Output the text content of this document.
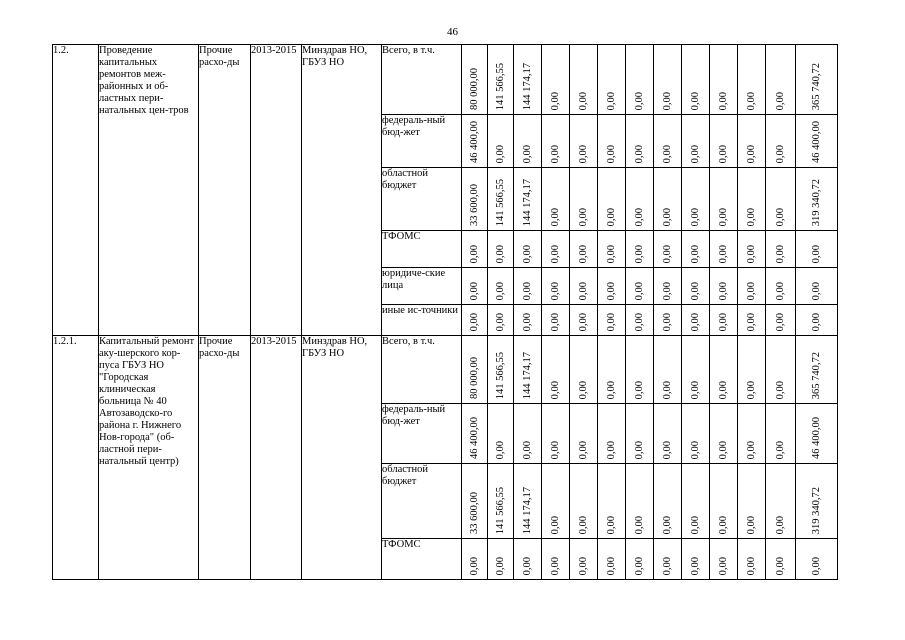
46
1.2.	Проведение капитальных ремонтов меж-районных и об-ластных пери-натальных цен-тров	Прочие расхо-ды	2013-2015	Минздрав НО, ГБУЗ НО	Всего, в т.ч.	80 000,00	141 566,55	144 174,17	0,00	0,00	0,00	0,00	0,00	0,00	0,00	0,00	0,00	365 740,72

					федераль-ный бюд-жет	46 400,00	0,00	0,00	0,00	0,00	0,00	0,00	0,00	0,00	0,00	0,00	0,00	46 400,00

					областной бюджет	33 600,00	141 566,55	144 174,17	0,00	0,00	0,00	0,00	0,00	0,00	0,00	0,00	0,00	319 340,72

					ТФОМС	0,00	0,00	0,00	0,00	0,00	0,00	0,00	0,00	0,00	0,00	0,00	0,00	0,00

					юридиче-ские лица	0,00	0,00	0,00	0,00	0,00	0,00	0,00	0,00	0,00	0,00	0,00	0,00	0,00

					иные ис-точники	0,00	0,00	0,00	0,00	0,00	0,00	0,00	0,00	0,00	0,00	0,00	0,00	0,00

1.2.1.	Капитальный ремонт аку-шерского кор-пуса ГБУЗ НО "Городская клиническая больница № 40 Автозаводско-го района г. Нижнего Нов-города" (об-ластной пери-натальный центр)	Прочие расхо-ды	2013-2015	Минздрав НО, ГБУЗ НО	Всего, в т.ч.	80 000,00	141 566,55	144 174,17	0,00	0,00	0,00	0,00	0,00	0,00	0,00	0,00	0,00	365 740,72

					федераль-ный бюд-жет	46 400,00	0,00	0,00	0,00	0,00	0,00	0,00	0,00	0,00	0,00	0,00	0,00	46 400,00

					областной бюджет	33 600,00	141 566,55	144 174,17	0,00	0,00	0,00	0,00	0,00	0,00	0,00	0,00	0,00	319 340,72

					ТФОМС	0,00	0,00	0,00	0,00	0,00	0,00	0,00	0,00	0,00	0,00	0,00	0,00	0,00
